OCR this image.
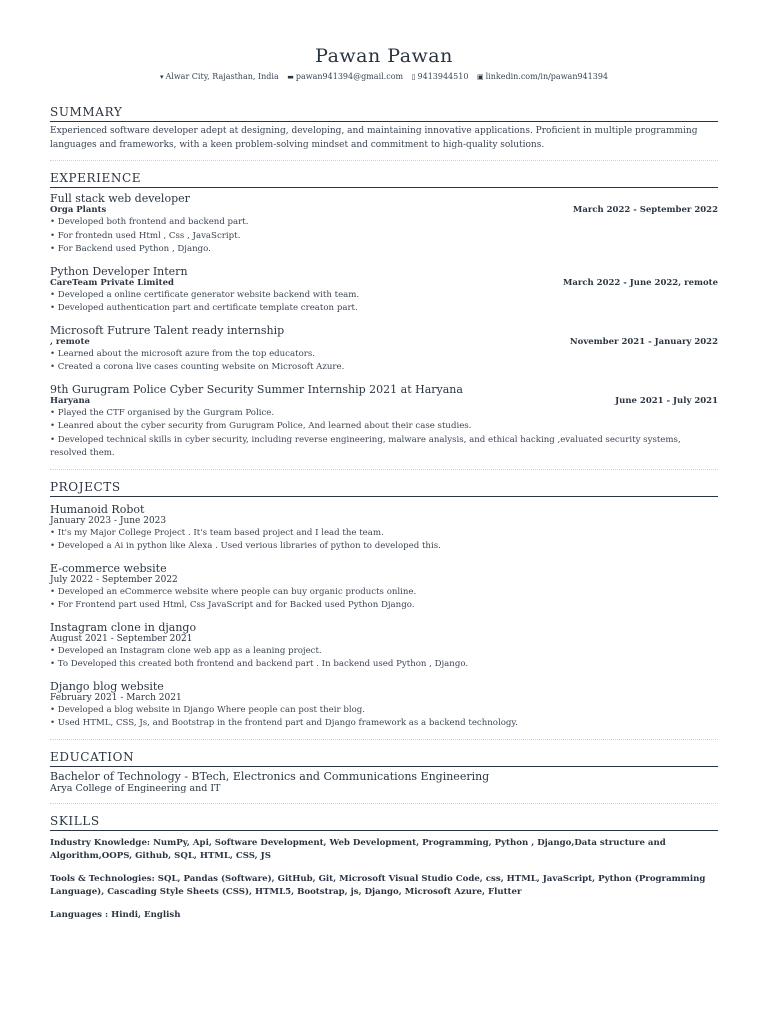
Pawan Pawan
▾ Alwar City, Rajasthan, India ▬ pawan941394@gmail.com ▯ 9413944510 ▣ linkedin.com/in/pawan941394
SUMMARY
Experienced software developer adept at designing, developing, and maintaining innovative applications. Proficient in multiple programming languages and frameworks, with a keen problem-solving mindset and commitment to high-quality solutions.
EXPERIENCE
Full stack web developer
Orga Plants	March 2022 - September 2022
• Developed both frontend and backend part.
• For frontedn used Html , Css , JavaScript.
• For Backend used Python , Django.
Python Developer Intern
CareTeam Private Limited	March 2022 - June 2022, remote
• Developed a online certificate generator website backend with team.
• Developed authentication part and certificate template creaton part.
Microsoft Futrure Talent ready internship
, remote	November 2021 - January 2022
• Learned about the microsoft azure from the top educators.
• Created a corona live cases counting website on Microsoft Azure.
9th Gurugram Police Cyber Security Summer Internship 2021 at Haryana
Haryana	June 2021 - July 2021
• Played the CTF organised by the Gurgram Police.
• Leanred about the cyber security from Gurugram Police, And learned about their case studies.
• Developed technical skills in cyber security, including reverse engineering, malware analysis, and ethical hacking ,evaluated security systems, resolved them.
PROJECTS
Humanoid Robot
January 2023 - June 2023
• It's my Major College Project . It's team based project and I lead the team.
• Developed a Ai in python like Alexa . Used verious libraries of python to developed this.
E-commerce website
July 2022 - September 2022
• Developed an eCommerce website where people can buy organic products online.
• For Frontend part used Html, Css JavaScript and for Backed used Python Django.
Instagram clone in django
August 2021 - September 2021
• Developed an Instagram clone web app as a leaning project.
• To Developed this created both frontend and backend part . In backend used Python , Django.
Django blog website
February 2021 - March 2021
• Developed a blog website in Django Where people can post their blog.
• Used HTML, CSS, Js, and Bootstrap in the frontend part and Django framework as a backend technology.
EDUCATION
Bachelor of Technology - BTech, Electronics and Communications Engineering
Arya College of Engineering and IT
SKILLS
Industry Knowledge: NumPy, Api, Software Development, Web Development, Programming, Python , Django,Data structure and Algorithm,OOPS, Github, SQL, HTML, CSS, JS
Tools & Technologies: SQL, Pandas (Software), GitHub, Git, Microsoft Visual Studio Code, css, HTML, JavaScript, Python (Programming Language), Cascading Style Sheets (CSS), HTML5, Bootstrap, js, Django, Microsoft Azure, Flutter
Languages : Hindi, English
